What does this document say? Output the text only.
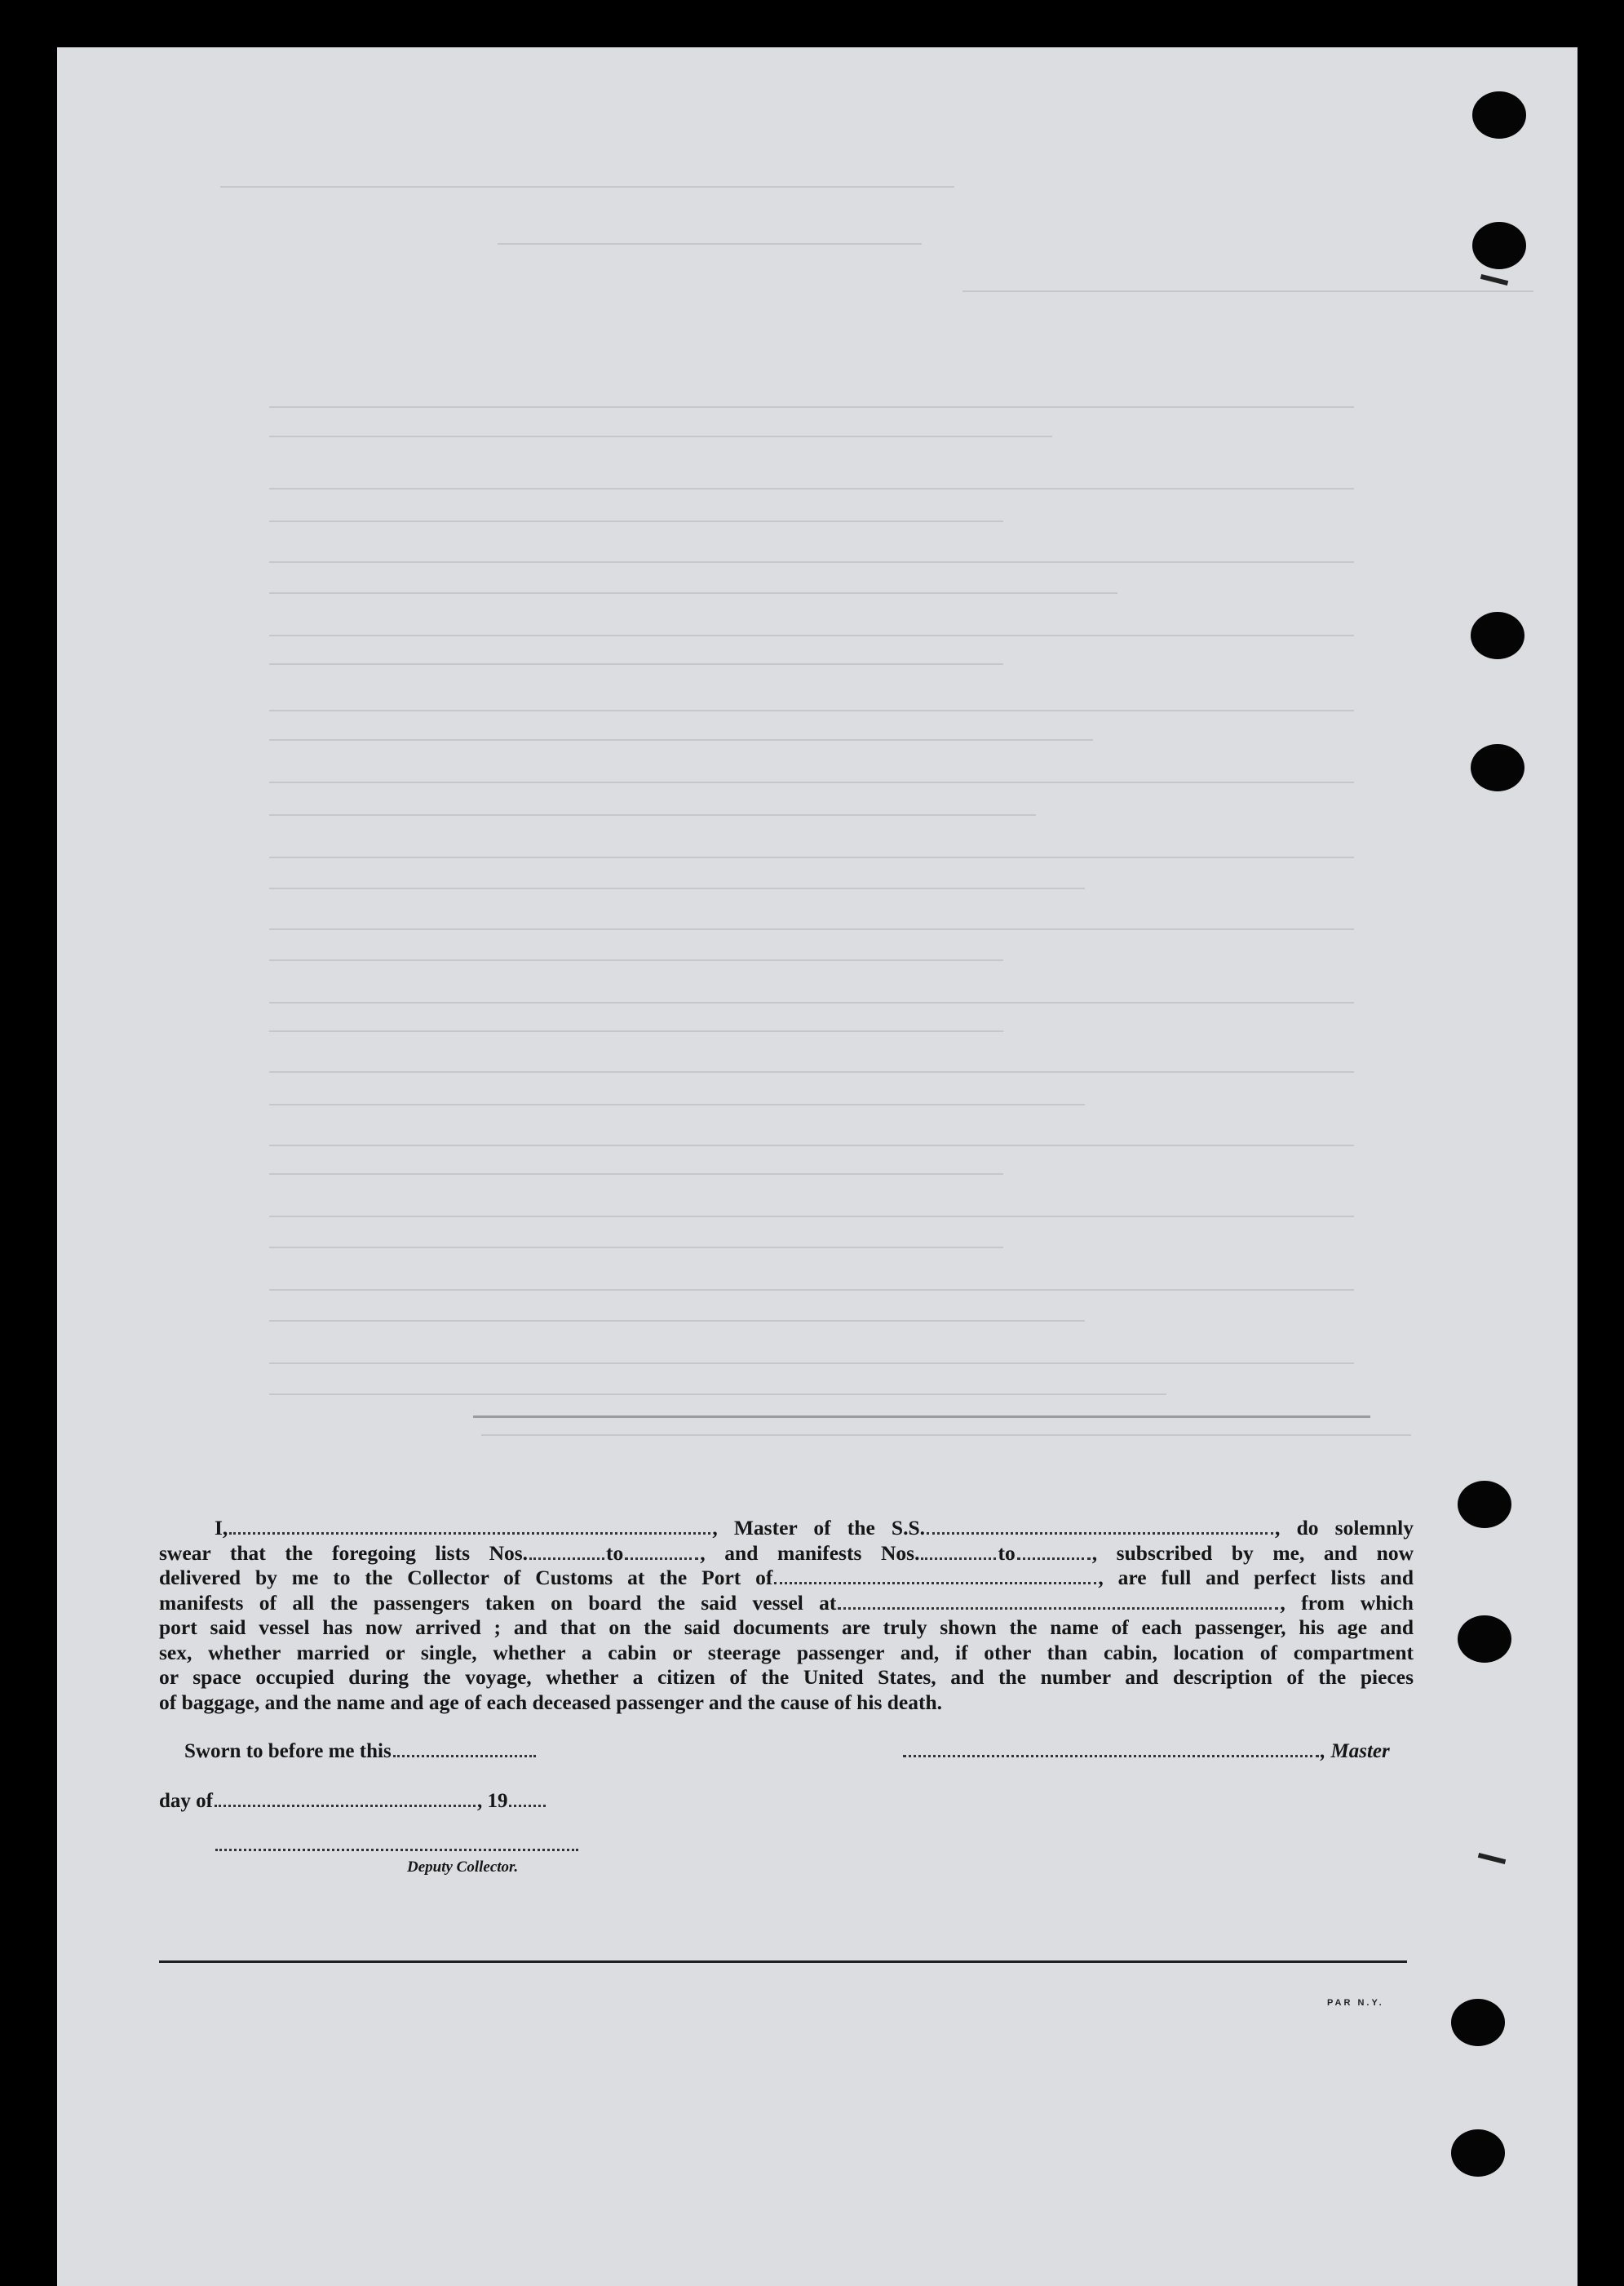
I,	, Master of the S.S.	, do solemnly

swear that the foregoing lists Nos.	to	, and manifests Nos.	to	, subscribed by me, and now

delivered by me to the Collector of Customs at the Port of	, are full and perfect lists and

manifests of all the passengers taken on board the said vessel at	, from which

port said vessel has now arrived ; and that on the said documents are truly shown the name of each passenger, his age and

sex, whether married or single, whether a cabin or steerage passenger and, if other than cabin, location of compartment

or space occupied during the voyage, whether a citizen of the United States, and the number and description of the pieces

of baggage, and the name and age of each deceased passenger and the cause of his death.

Sworn to before me this	, Master
day of	, 19
Deputy Collector.
PAR N.Y.
